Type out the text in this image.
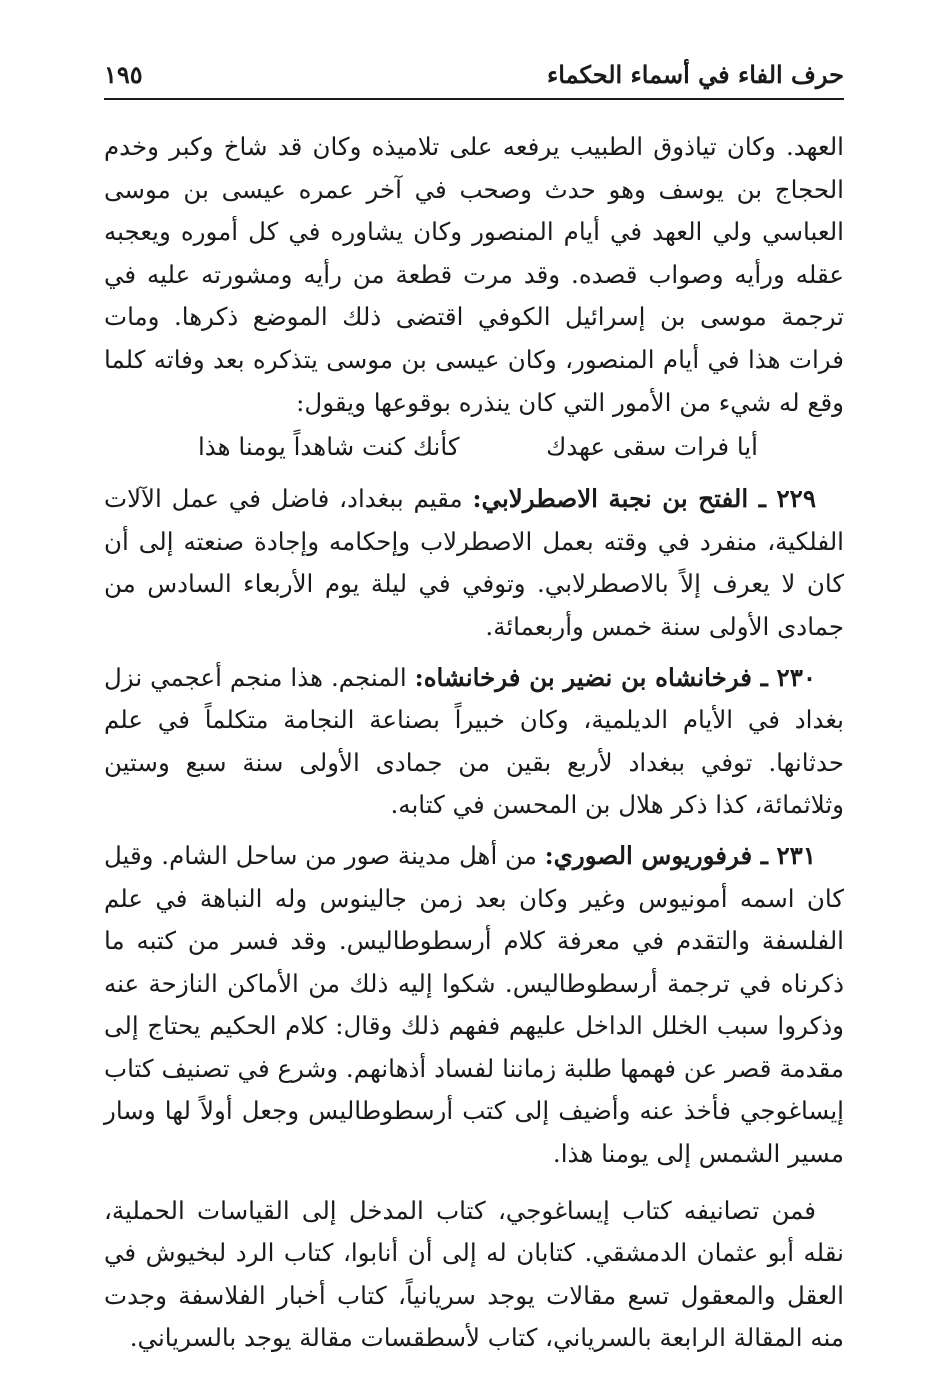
حرف الفاء في أسماء الحكماء
١٩٥

العهد. وكان تياذوق الطبيب يرفعه على تلاميذه وكان قد شاخ وكبر وخدم الحجاج بن يوسف وهو حدث وصحب في آخر عمره عيسى بن موسى العباسي ولي العهد في أيام المنصور وكان يشاوره في كل أموره ويعجبه عقله ورأيه وصواب قصده. وقد مرت قطعة من رأيه ومشورته عليه في ترجمة موسى بن إسرائيل الكوفي اقتضى ذلك الموضع ذكرها. ومات فرات هذا في أيام المنصور، وكان عيسى بن موسى يتذكره بعد وفاته كلما وقع له شيء من الأمور التي كان ينذره بوقوعها ويقول:

أيا فرات سقى عهدك
كأنك كنت شاهداً يومنا هذا

٢٢٩ ـ الفتح بن نجبة الاصطرلابي: مقيم ببغداد، فاضل في عمل الآلات الفلكية، منفرد في وقته بعمل الاصطرلاب وإحكامه وإجادة صنعته إلى أن كان لا يعرف إلاً بالاصطرلابي. وتوفي في ليلة يوم الأربعاء السادس من جمادى الأولى سنة خمس وأربعمائة.

٢٣٠ ـ فرخانشاه بن نضير بن فرخانشاه: المنجم. هذا منجم أعجمي نزل بغداد في الأيام الديلمية، وكان خبيراً بصناعة النجامة متكلماً في علم حدثانها. توفي ببغداد لأربع بقين من جمادى الأولى سنة سبع وستين وثلاثمائة، كذا ذكر هلال بن المحسن في كتابه.

٢٣١ ـ فرفوريوس الصوري: من أهل مدينة صور من ساحل الشام. وقيل كان اسمه أمونيوس وغير وكان بعد زمن جالينوس وله النباهة في علم الفلسفة والتقدم في معرفة كلام أرسطوطاليس. وقد فسر من كتبه ما ذكرناه في ترجمة أرسطوطاليس. شكوا إليه ذلك من الأماكن النازحة عنه وذكروا سبب الخلل الداخل عليهم ففهم ذلك وقال: كلام الحكيم يحتاج إلى مقدمة قصر عن فهمها طلبة زماننا لفساد أذهانهم. وشرع في تصنيف كتاب إيساغوجي فأخذ عنه وأضيف إلى كتب أرسطوطاليس وجعل أولاً لها وسار مسير الشمس إلى يومنا هذا.

فمن تصانيفه كتاب إيساغوجي، كتاب المدخل إلى القياسات الحملية، نقله أبو عثمان الدمشقي. كتابان له إلى أن أنابوا، كتاب الرد لبخيوش في العقل والمعقول تسع مقالات يوجد سريانياً، كتاب أخبار الفلاسفة وجدت منه المقالة الرابعة بالسرياني، كتاب لأسطقسات مقالة يوجد بالسرياني.
